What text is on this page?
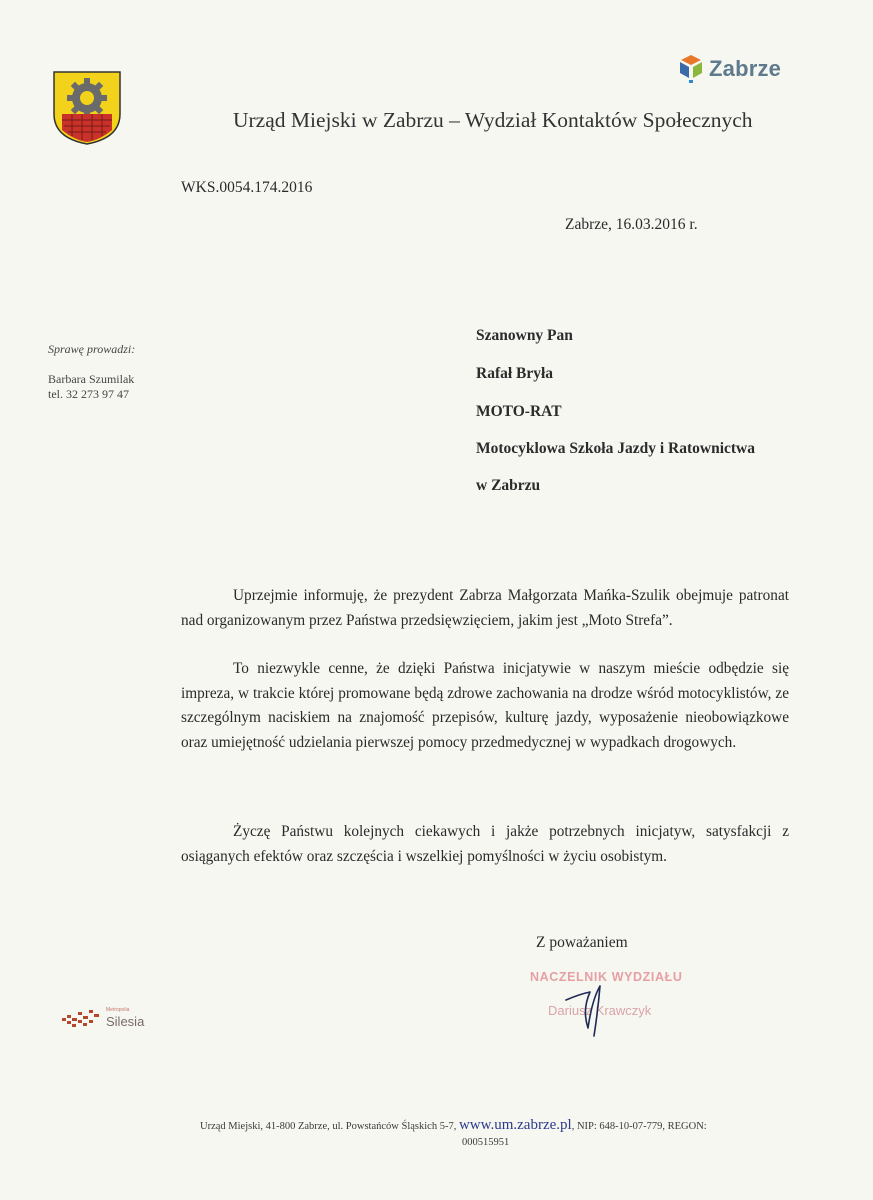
Zabrze
Urząd Miejski w Zabrzu – Wydział Kontaktów Społecznych
WKS.0054.174.2016
Zabrze, 16.03.2016 r.
Sprawę prowadzi:
Barbara Szumilak
tel. 32 273 97 47
Szanowny Pan
Rafał Bryła
MOTO-RAT
Motocyklowa Szkoła Jazdy i Ratownictwa
w Zabrzu

Uprzejmie informuję, że prezydent Zabrza Małgorzata Mańka-Szulik obejmuje patronat nad organizowanym przez Państwa przedsięwzięciem, jakim jest „Moto Strefa”.

To niezwykle cenne, że dzięki Państwa inicjatywie w naszym mieście odbędzie się impreza, w trakcie której promowane będą zdrowe zachowania na drodze wśród motocyklistów, ze szczególnym naciskiem na znajomość przepisów, kulturę jazdy, wyposażenie nieobowiązkowe oraz umiejętność udzielania pierwszej pomocy przedmedycznej w wypadkach drogowych.

Życzę Państwu kolejnych ciekawych i jakże potrzebnych inicjatyw, satysfakcji z osiąganych efektów oraz szczęścia i wszelkiej pomyślności w życiu osobistym.

Z poważaniem
NACZELNIK WYDZIAŁU
Dariusz Krawczyk
Metropolia
Silesia
Urząd Miejski, 41-800 Zabrze, ul. Powstańców Śląskich 5-7, www.um.zabrze.pl, NIP: 648-10-07-779, REGON:
000515951
